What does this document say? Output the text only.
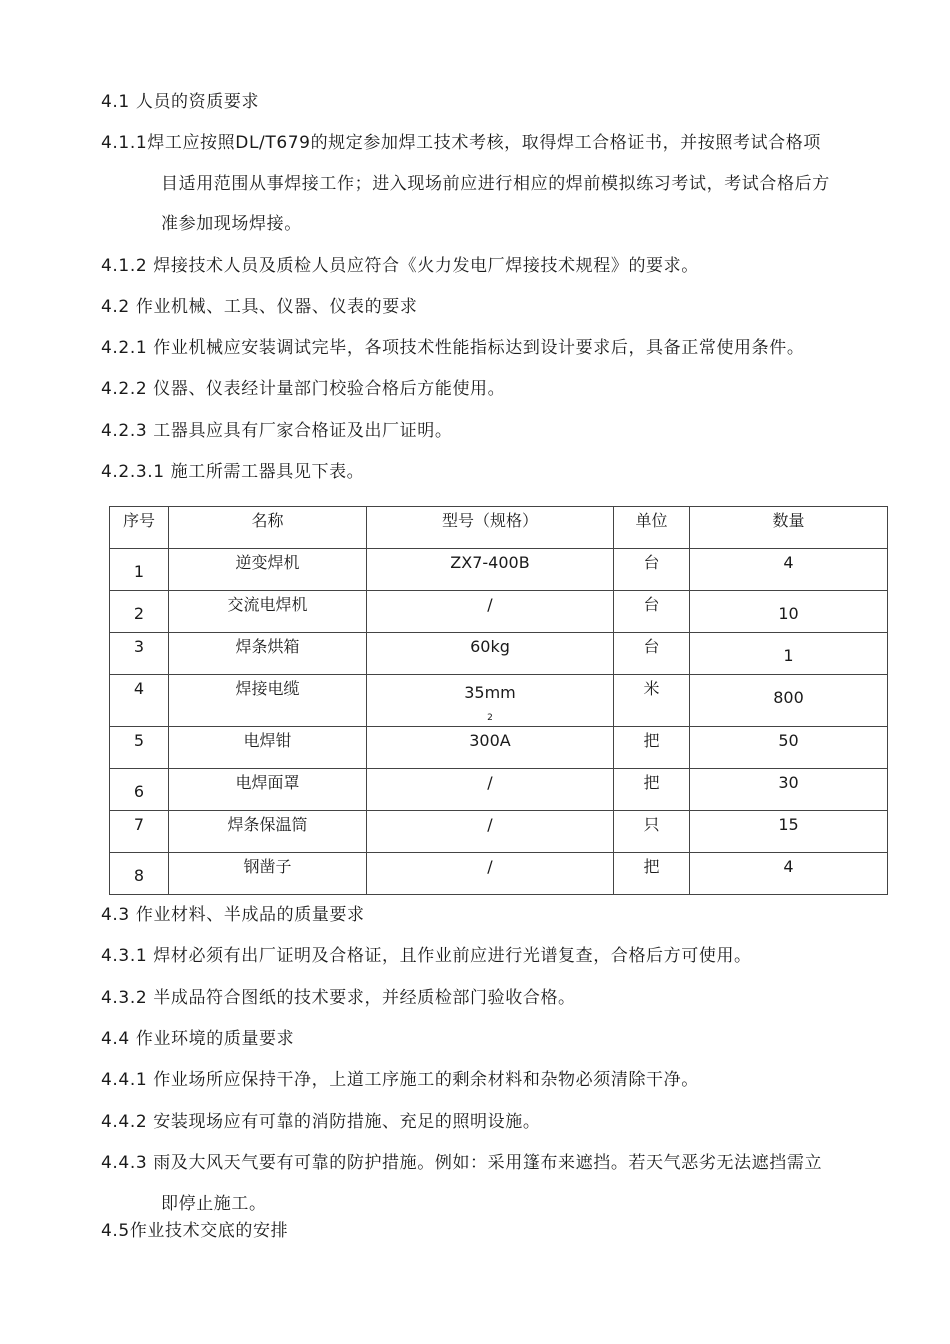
4.1 人员的资质要求
4.1.1焊工应按照DL/T679的规定参加焊工技术考核，取得焊工合格证书，并按照考试合格项
目适用范围从事焊接工作；进入现场前应进行相应的焊前模拟练习考试，考试合格后方
准参加现场焊接。
4.1.2 焊接技术人员及质检人员应符合《火力发电厂焊接技术规程》的要求。
4.2 作业机械、工具、仪器、仪表的要求
4.2.1 作业机械应安装调试完毕，各项技术性能指标达到设计要求后，具备正常使用条件。
4.2.2 仪器、仪表经计量部门校验合格后方能使用。
4.2.3 工器具应具有厂家合格证及出厂证明。
4.2.3.1 施工所需工器具见下表。
序号	名称	型号（规格）	单位	数量

1	逆变焊机	ZX7-400B	台	4

2	交流电焊机	/	台	10

3	焊条烘箱	60kg	台	1

4	焊接电缆	35mm
$_2$	米	800

5	电焊钳	300A	把	50

6	电焊面罩	/	把	30

7	焊条保温筒	/	只	15

8	钢凿子	/	把	4
4.3 作业材料、半成品的质量要求
4.3.1 焊材必须有出厂证明及合格证，且作业前应进行光谱复查，合格后方可使用。
4.3.2 半成品符合图纸的技术要求，并经质检部门验收合格。
4.4 作业环境的质量要求
4.4.1 作业场所应保持干净，上道工序施工的剩余材料和杂物必须清除干净。
4.4.2 安装现场应有可靠的消防措施、充足的照明设施。
4.4.3 雨及大风天气要有可靠的防护措施。例如：采用篷布来遮挡。若天气恶劣无法遮挡需立
即停止施工。
4.5作业技术交底的安排
